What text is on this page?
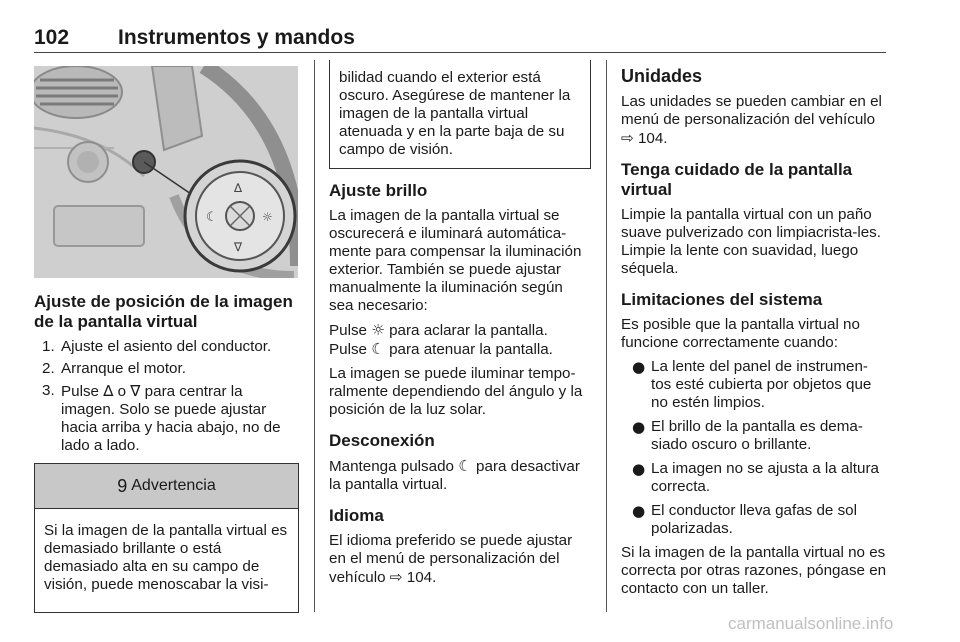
102 Instrumentos y mandos
∆
∇
☾	☼
Ajuste de posición de la imagen de la pantalla virtual
1. Ajuste el asiento del conductor.
2. Arranque el motor.
3. Pulse ∆ o ∇ para centrar la imagen. Solo se puede ajustar hacia arriba y hacia abajo, no de lado a lado.
9 Advertencia
Si la imagen de la pantalla virtual es demasiado brillante o está demasiado alta en su campo de visión, puede menoscabar la visi-
bilidad cuando el exterior está oscuro. Asegúrese de mantener la imagen de la pantalla virtual atenuada y en la parte baja de su campo de visión.
Ajuste brillo

La imagen de la pantalla virtual se oscurecerá e iluminará automática-mente para compensar la iluminación exterior. También se puede ajustar manualmente la iluminación según sea necesario:

Pulse ☼ para aclarar la pantalla.
Pulse ☾ para atenuar la pantalla.

La imagen se puede iluminar tempo-ralmente dependiendo del ángulo y la posición de la luz solar.

Desconexión

Mantenga pulsado ☾ para desactivar la pantalla virtual.

Idioma

El idioma preferido se puede ajustar en el menú de personalización del vehículo ⇨ 104.

Unidades

Las unidades se pueden cambiar en el menú de personalización del vehículo ⇨ 104.

Tenga cuidado de la pantalla virtual

Limpie la pantalla virtual con un paño suave pulverizado con limpiacrista-les. Limpie la lente con suavidad, luego séquela.

Limitaciones del sistema

Es posible que la pantalla virtual no funcione correctamente cuando:

● La lente del panel de instrumen-tos esté cubierta por objetos que no estén limpios.
● El brillo de la pantalla es dema-siado oscuro o brillante.
● La imagen no se ajusta a la altura correcta.
● El conductor lleva gafas de sol polarizadas.

Si la imagen de la pantalla virtual no es correcta por otras razones, póngase en contacto con un taller.

carmanualsonline.info
